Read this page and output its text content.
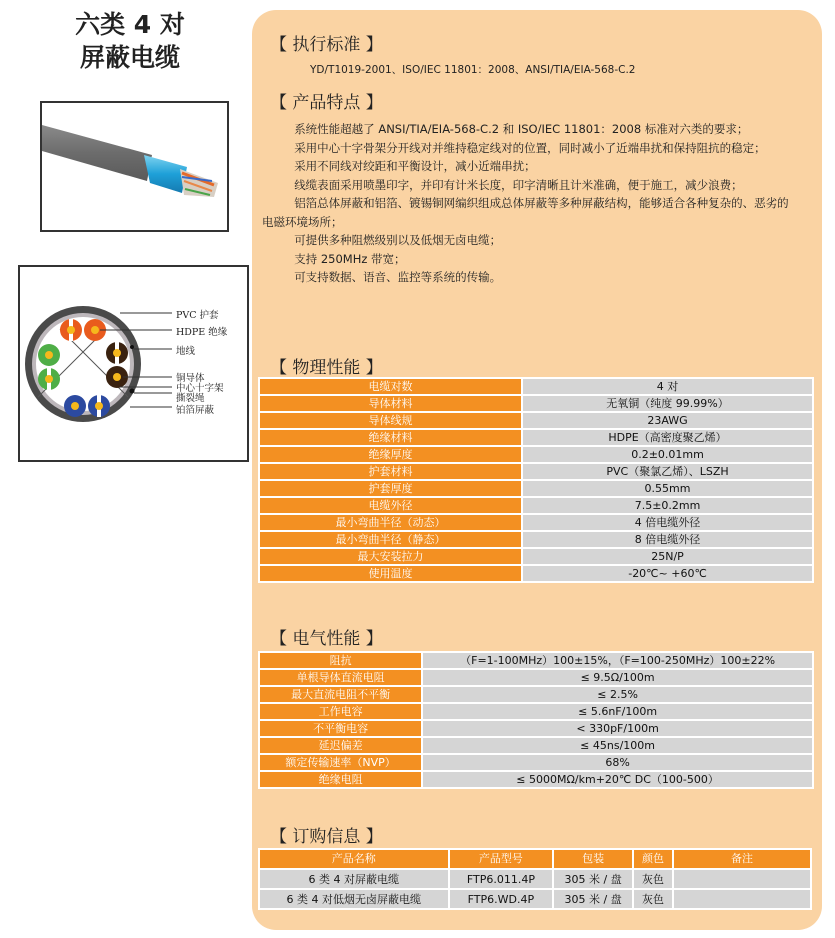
六类 4 对
屏蔽电缆
PVC 护套
HDPE 绝缘
地线
铜导体
中心十字架
撕裂绳
铂箔屏蔽
【 执行标准 】
YD/T1019-2001、ISO/IEC 11801：2008、ANSI/TIA/EIA-568-C.2
【 产品特点 】

系统性能超越了 ANSI/TIA/EIA-568-C.2 和 ISO/IEC 11801：2008 标准对六类的要求；

采用中心十字骨架分开线对并维持稳定线对的位置，同时减小了近端串扰和保持阻抗的稳定；

采用不同线对绞距和平衡设计，减小近端串扰；

线缆表面采用喷墨印字，并印有计米长度，印字清晰且计米准确，便于施工，减少浪费；

铝箔总体屏蔽和铝箔、镀锡铜网编织组成总体屏蔽等多种屏蔽结构，能够适合各种复杂的、恶劣的电磁环境场所；

可提供多种阻燃级别以及低烟无卤电缆；

支持 250MHz 带宽；

可支持数据、语音、监控等系统的传输。

【 物理性能 】
电缆对数	4 对
导体材料	无氧铜（纯度 99.99%）
导体线规	23AWG
绝缘材料	HDPE（高密度聚乙烯）
绝缘厚度	0.2±0.01mm
护套材料	PVC（聚氯乙烯）、LSZH
护套厚度	0.55mm
电缆外径	7.5±0.2mm
最小弯曲半径（动态）	4 倍电缆外径
最小弯曲半径（静态）	8 倍电缆外径
最大安装拉力	25N/P
使用温度	-20℃~ +60℃
【 电气性能 】
阻抗	（F=1-100MHz）100±15%，（F=100-250MHz）100±22%
单根导体直流电阻	≤ 9.5Ω/100m
最大直流电阻不平衡	≤ 2.5%
工作电容	≤ 5.6nF/100m
不平衡电容	< 330pF/100m
延迟偏差	≤ 45ns/100m
额定传输速率（NVP）	68%
绝缘电阻	≤ 5000MΩ/km+20℃ DC（100-500）
【 订购信息 】
产品名称	产品型号	包装	颜色	备注
6 类 4 对屏蔽电缆	FTP6.011.4P	305 米 / 盘	灰色	
6 类 4 对低烟无卤屏蔽电缆	FTP6.WD.4P	305 米 / 盘	灰色	
